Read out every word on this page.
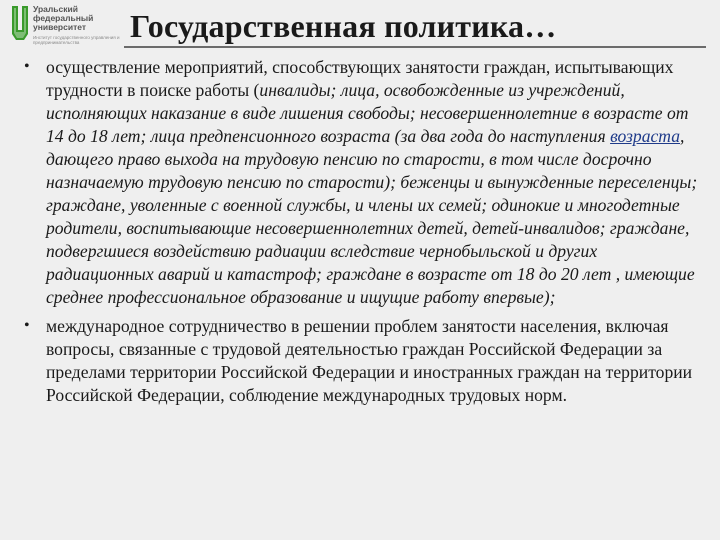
Уральский
федеральный
университет
Институт государственного управления и предпринимательства	Государственная политика…
• осуществление мероприятий, способствующих занятости граждан, испытывающих трудности в поиске работы (инвалиды; лица, освобожденные из учреждений, исполняющих наказание в виде лишения свободы; несовершеннолетние в возрасте от 14 до 18 лет; лица предпенсионного возраста (за два года до наступления возраста, дающего право выхода на трудовую пенсию по старости, в том числе досрочно назначаемую трудовую пенсию по старости); беженцы и вынужденные переселенцы; граждане, уволенные с военной службы, и члены их семей; одинокие и многодетные родители, воспитывающие несовершеннолетних детей, детей-инвалидов; граждане, подвергшиеся воздействию радиации вследствие чернобыльской и других радиационных аварий и катастроф; граждане в возрасте от 18 до 20 лет , имеющие среднее профессиональное образование и ищущие работу впервые);
• международное сотрудничество в решении проблем занятости населения, включая вопросы, связанные с трудовой деятельностью граждан Российской Федерации за пределами территории Российской Федерации и иностранных граждан на территории Российской Федерации, соблюдение международных трудовых норм.
